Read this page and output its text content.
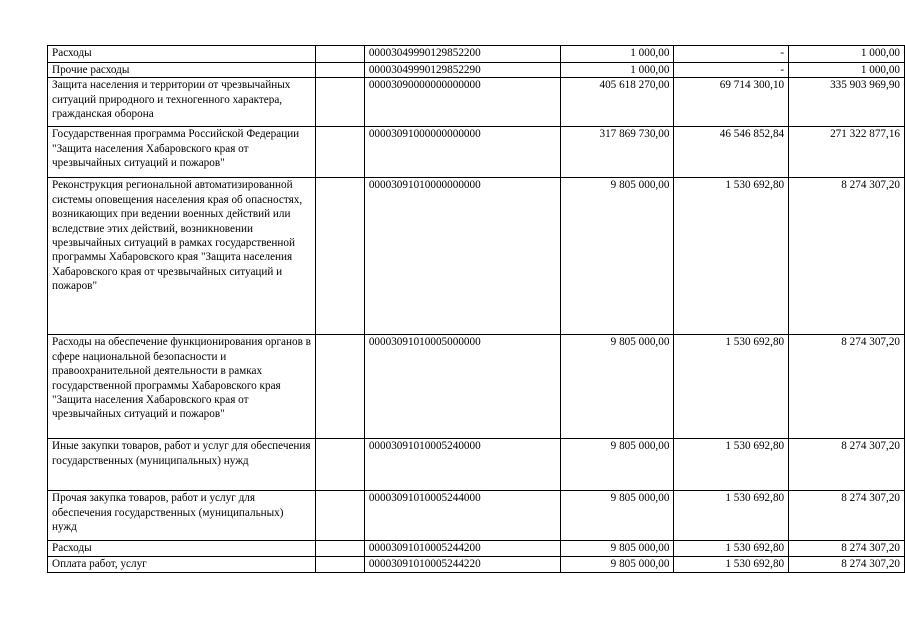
Расходы		00003049990129852200	1 000,00	-	1 000,00
Прочие расходы		00003049990129852290	1 000,00	-	1 000,00
Защита населения и территории от чрезвычайных ситуаций природного и техногенного характера, гражданская оборона		00003090000000000000	405 618 270,00	69 714 300,10	335 903 969,90
Государственная программа Российской Федерации "Защита населения Хабаровского края от чрезвычайных ситуаций и пожаров"		00003091000000000000	317 869 730,00	46 546 852,84	271 322 877,16
Реконструкция региональной автоматизированной системы оповещения населения края об опасностях, возникающих при ведении военных действий или вследствие этих действий, возникновении чрезвычайных ситуаций в рамках государственной программы Хабаровского края "Защита населения Хабаровского края от чрезвычайных ситуаций и пожаров"		00003091010000000000	9 805 000,00	1 530 692,80	8 274 307,20
Расходы на обеспечение функционирования органов в сфере национальной безопасности и правоохранительной деятельности в рамках государственной программы Хабаровского края "Защита населения Хабаровского края от чрезвычайных ситуаций и пожаров"		00003091010005000000	9 805 000,00	1 530 692,80	8 274 307,20
Иные закупки товаров, работ и услуг для обеспечения государственных (муниципальных) нужд		00003091010005240000	9 805 000,00	1 530 692,80	8 274 307,20
Прочая закупка товаров, работ и услуг для обеспечения государственных (муниципальных) нужд		00003091010005244000	9 805 000,00	1 530 692,80	8 274 307,20
Расходы		00003091010005244200	9 805 000,00	1 530 692,80	8 274 307,20
Оплата работ, услуг		00003091010005244220	9 805 000,00	1 530 692,80	8 274 307,20
